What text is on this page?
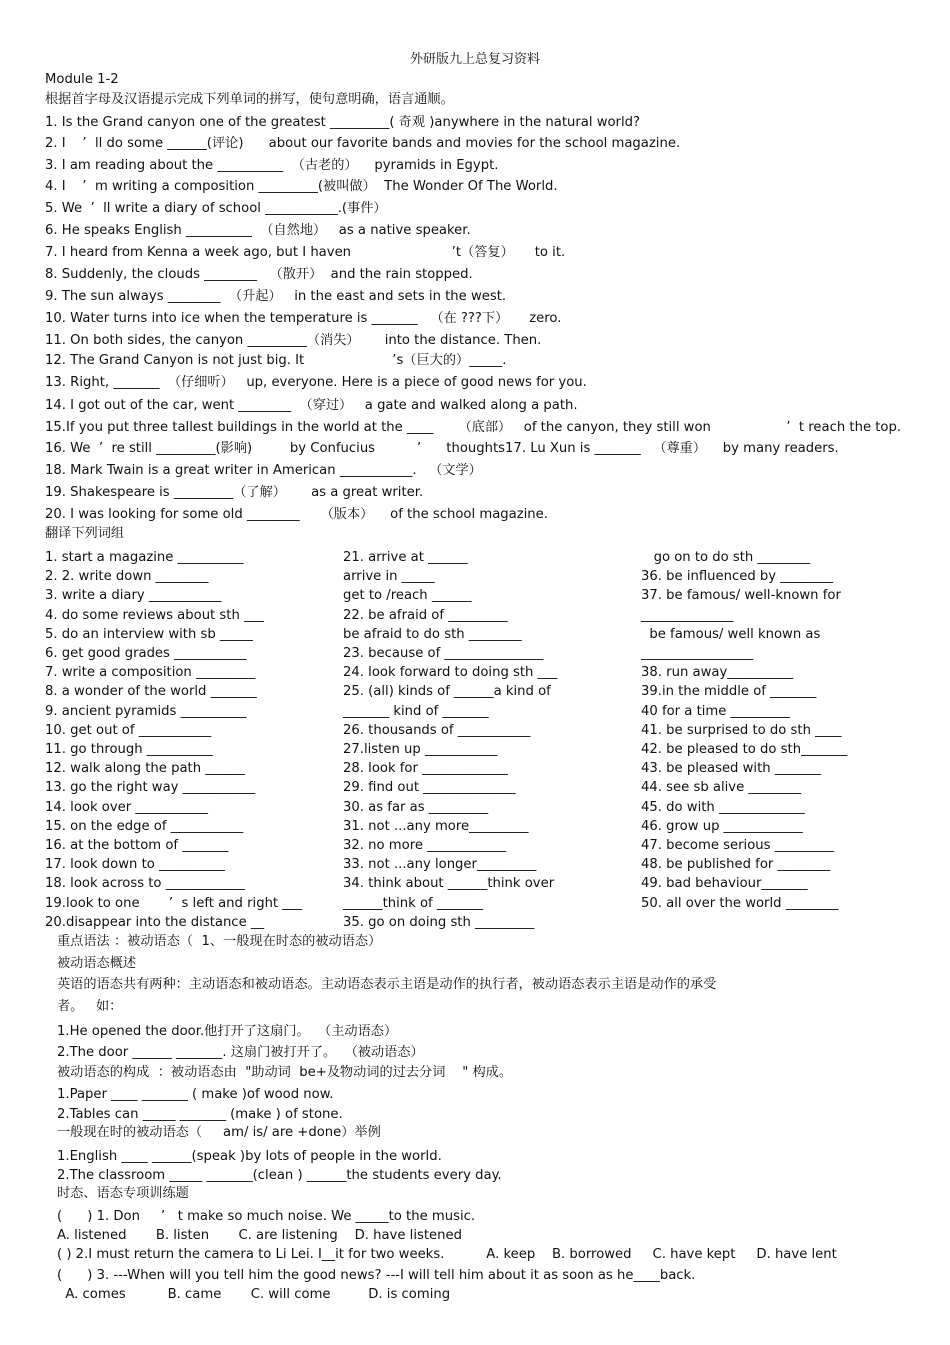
外研版九上总复习资料
Module 1-2
根据首字母及汉语提示完成下列单词的拼写，使句意明确，语言通顺。
1. Is the Grand canyon one of the greatest _________( 奇观 )anywhere in the natural world?
2. I    ’  ll do some ______(评论)      about our favorite bands and movies for the school magazine.
3. I am reading about the __________  （古老的）    pyramids in Egypt.
4. I    ’  m writing a composition _________(被叫做）  The Wonder Of The World.
5. We  ’  ll write a diary of school ___________.(事件）
6. He speaks English __________  （自然地）   as a native speaker.
7. I heard from Kenna a week ago, but I haven                        ’t（答复）     to it.
8. Suddenly, the clouds ________   （散开）  and the rain stopped.
9. The sun always ________  （升起）   in the east and sets in the west.
10. Water turns into ice when the temperature is _______   （在 ???下）     zero.
11. On both sides, the canyon _________（消失）      into the distance. Then.
12. The Grand Canyon is not just big. It                     ’s（巨大的）_____.
13. Right, _______  （仔细听）   up, everyone. Here is a piece of good news for you.
14. I got out of the car, went ________  （穿过）   a gate and walked along a path.
15.If you put three tallest buildings in the world at the ____      （底部）   of the canyon, they still won                  ’  t reach the top.
16. We  ’  re still _________(影响)         by Confucius          ’      thoughts17. Lu Xun is _______   （尊重）    by many readers.
18. Mark Twain is a great writer in American ___________.   （文学）
19. Shakespeare is _________（了解）      as a great writer.
20. I was looking for some old ________     （版本）    of the school magazine.
翻译下列词组
1. start a magazine __________
2. 2. write down ________
3. write a diary ___________
4. do some reviews about sth ___
5. do an interview with sb _____
6. get good grades ___________
7. write a composition _________
8. a wonder of the world _______
9. ancient pyramids __________
10. get out of ___________
11. go through __________
12. walk along the path ______
13. go the right way ___________
14. look over ___________
15. on the edge of ___________
16. at the bottom of _______
17. look down to __________
18. look across to ____________
19.look to one       ’  s left and right ___
20.disappear into the distance __
21. arrive at ______
arrive in _____
get to /reach ______
22. be afraid of _________
be afraid to do sth ________
23. because of _______________
24. look forward to doing sth ___
25. (all) kinds of ______a kind of
_______ kind of _______
26. thousands of ___________
27.listen up ___________
28. look for _____________
29. find out ______________
30. as far as _________
31. not ...any more_________
32. no more ____________
33. not ...any longer_________
34. think about ______think over
______think of _______
35. go on doing sth _________
go on to do sth ________
36. be influenced by ________
37. be famous/ well-known for
______________
be famous/ well known as
_________________
38. run away__________
39.in the middle of _______
40 for a time _________
41. be surprised to do sth ____
42. be pleased to do sth_______
43. be pleased with _______
44. see sb alive ________
45. do with _____________
46. grow up ____________
47. become serious _________
48. be published for ________
49. bad behaviour_______
50. all over the world ________
重点语法 ：被动语态（  1、一般现在时态的被动语态）
被动语态概述
英语的语态共有两种：主动语态和被动语态。主动语态表示主语是动作的执行者，被动语态表示主语是动作的承受
者。   如：
1.He opened the door.他打开了这扇门。  （主动语态）
2.The door ______ _______. 这扇门被打开了。  （被动语态）
被动语态的构成  ：被动语态由  "助动词  be+及物动词的过去分词    " 构成。
1.Paper ____ _______ ( make )of wood now.
2.Tables can _____ _______ (make ) of stone.
一般现在时的被动语态（     am/ is/ are +done）举例
1.English ____ ______(speak )by lots of people in the world.
2.The classroom _____ _______(clean ) ______the students every day.
时态、语态专项训练题
(      ) 1. Don     ’   t make so much noise. We _____to the music.
A. listened       B. listen       C. are listening    D. have listened
( ) 2.I must return the camera to Li Lei. I__it for two weeks.          A. keep    B. borrowed     C. have kept     D. have lent
(      ) 3. ---When will you tell him the good news? ---I will tell him about it as soon as he____back.
A. comes          B. came       C. will come         D. is coming
